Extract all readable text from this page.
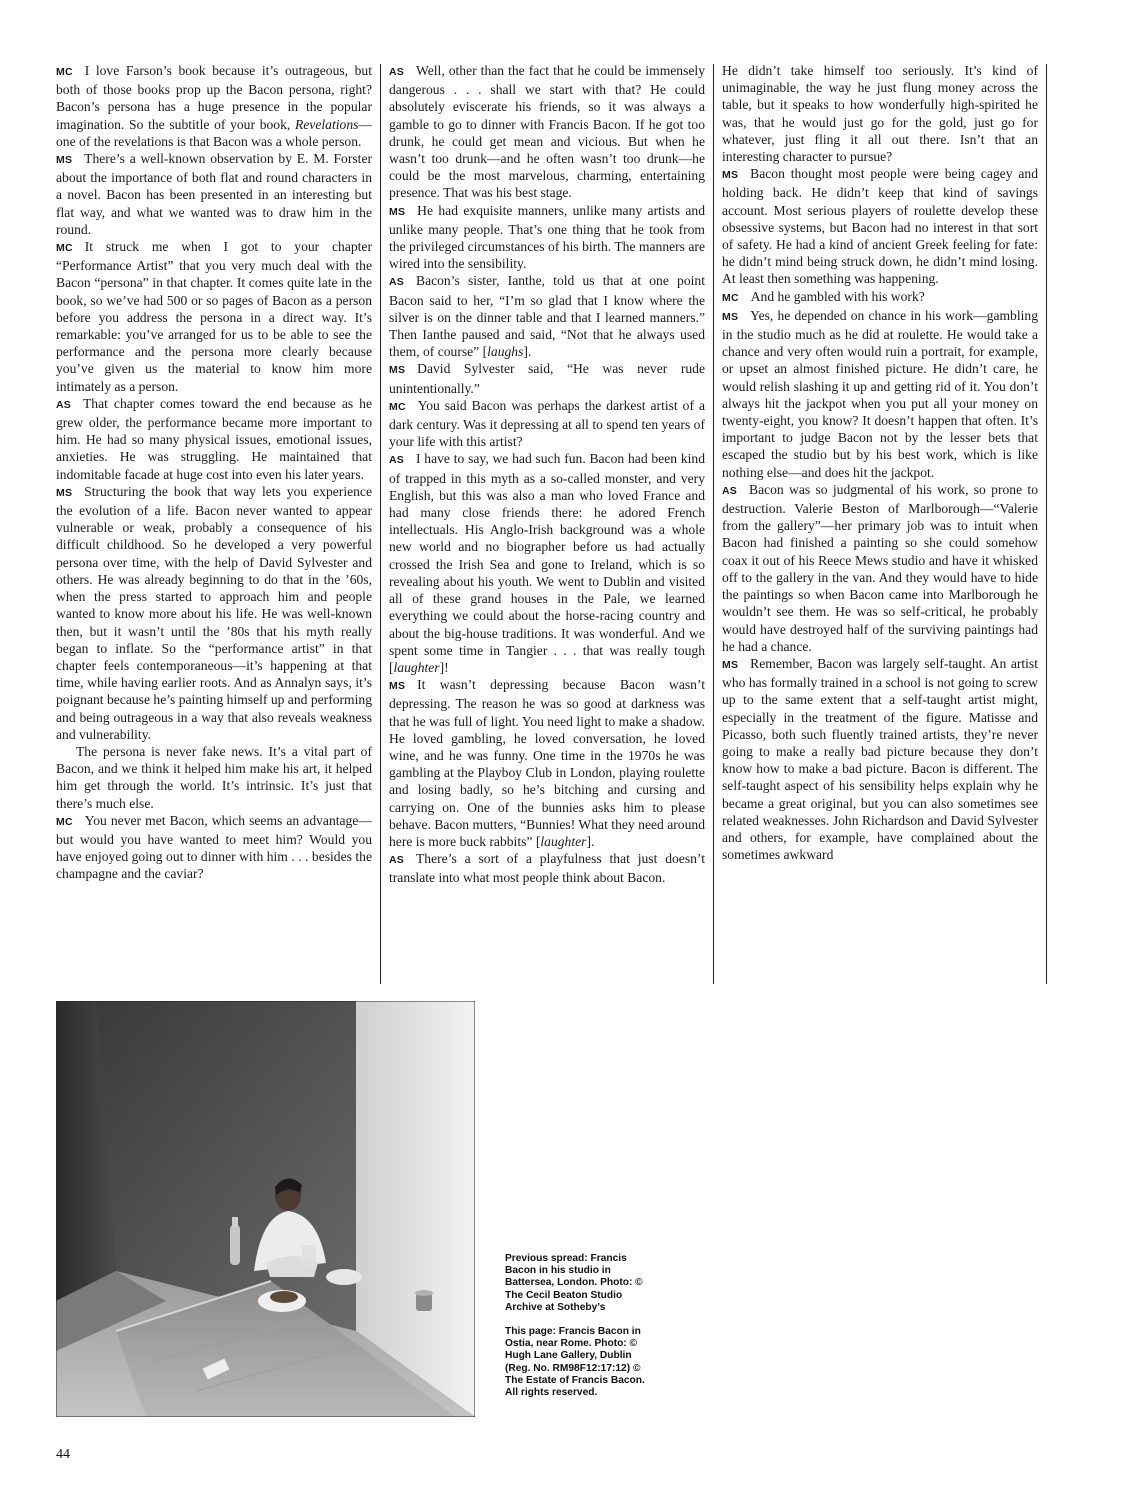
MC I love Farson’s book because it’s outrageous, but both of those books prop up the Bacon persona, right? Bacon’s persona has a huge presence in the popular imagination. So the subtitle of your book, Revelations—one of the revelations is that Bacon was a whole person.

MS There’s a well-known observation by E. M. Forster about the importance of both flat and round characters in a novel. Bacon has been presented in an interesting but flat way, and what we wanted was to draw him in the round.

MC It struck me when I got to your chapter “Performance Artist” that you very much deal with the Bacon “persona” in that chapter. It comes quite late in the book, so we’ve had 500 or so pages of Bacon as a person before you address the persona in a direct way. It’s remarkable: you’ve arranged for us to be able to see the performance and the persona more clearly because you’ve given us the material to know him more intimately as a person.

AS That chapter comes toward the end because as he grew older, the performance became more important to him. He had so many physical issues, emotional issues, anxieties. He was struggling. He maintained that indomitable facade at huge cost into even his later years.

MS Structuring the book that way lets you experience the evolution of a life. Bacon never wanted to appear vulnerable or weak, probably a consequence of his difficult childhood. So he developed a very powerful persona over time, with the help of David Sylvester and others. He was already beginning to do that in the ’60s, when the press started to approach him and people wanted to know more about his life. He was well-known then, but it wasn’t until the ’80s that his myth really began to inflate. So the “performance artist” in that chapter feels contemporaneous—it’s happening at that time, while having earlier roots. And as Annalyn says, it’s poignant because he’s painting himself up and performing and being outrageous in a way that also reveals weakness and vulnerability.

The persona is never fake news. It’s a vital part of Bacon, and we think it helped him make his art, it helped him get through the world. It’s intrinsic. It’s just that there’s much else.

MC You never met Bacon, which seems an advantage—but would you have wanted to meet him? Would you have enjoyed going out to dinner with him . . . besides the champagne and the caviar?

AS Well, other than the fact that he could be immensely dangerous . . . shall we start with that? He could absolutely eviscerate his friends, so it was always a gamble to go to dinner with Francis Bacon. If he got too drunk, he could get mean and vicious. But when he wasn’t too drunk—and he often wasn’t too drunk—he could be the most marvelous, charming, entertaining presence. That was his best stage.

MS He had exquisite manners, unlike many artists and unlike many people. That’s one thing that he took from the privileged circumstances of his birth. The manners are wired into the sensibility.

AS Bacon’s sister, Ianthe, told us that at one point Bacon said to her, “I’m so glad that I know where the silver is on the dinner table and that I learned manners.” Then Ianthe paused and said, “Not that he always used them, of course” [laughs].

MS David Sylvester said, “He was never rude unintentionally.”

MC You said Bacon was perhaps the darkest artist of a dark century. Was it depressing at all to spend ten years of your life with this artist?

AS I have to say, we had such fun. Bacon had been kind of trapped in this myth as a so-called monster, and very English, but this was also a man who loved France and had many close friends there: he adored French intellectuals. His Anglo-Irish background was a whole new world and no biographer before us had actually crossed the Irish Sea and gone to Ireland, which is so revealing about his youth. We went to Dublin and visited all of these grand houses in the Pale, we learned everything we could about the horse-racing country and about the big-house traditions. It was wonderful. And we spent some time in Tangier . . . that was really tough [laughter]!

MS It wasn’t depressing because Bacon wasn’t depressing. The reason he was so good at darkness was that he was full of light. You need light to make a shadow. He loved gambling, he loved conversation, he loved wine, and he was funny. One time in the 1970s he was gambling at the Playboy Club in London, playing roulette and losing badly, so he’s bitching and cursing and carrying on. One of the bunnies asks him to please behave. Bacon mutters, “Bunnies! What they need around here is more buck rabbits” [laughter].

AS There’s a sort of a playfulness that just doesn’t translate into what most people think about Bacon.

He didn’t take himself too seriously. It’s kind of unimaginable, the way he just flung money across the table, but it speaks to how wonderfully high-spirited he was, that he would just go for the gold, just go for whatever, just fling it all out there. Isn’t that an interesting character to pursue?

MS Bacon thought most people were being cagey and holding back. He didn’t keep that kind of savings account. Most serious players of roulette develop these obsessive systems, but Bacon had no interest in that sort of safety. He had a kind of ancient Greek feeling for fate: he didn’t mind being struck down, he didn’t mind losing. At least then something was happening.

MC And he gambled with his work?

MS Yes, he depended on chance in his work—gambling in the studio much as he did at roulette. He would take a chance and very often would ruin a portrait, for example, or upset an almost finished picture. He didn’t care, he would relish slashing it up and getting rid of it. You don’t always hit the jackpot when you put all your money on twenty-eight, you know? It doesn’t happen that often. It’s important to judge Bacon not by the lesser bets that escaped the studio but by his best work, which is like nothing else—and does hit the jackpot.

AS Bacon was so judgmental of his work, so prone to destruction. Valerie Beston of Marlborough—“Valerie from the gallery”—her primary job was to intuit when Bacon had finished a painting so she could somehow coax it out of his Reece Mews studio and have it whisked off to the gallery in the van. And they would have to hide the paintings so when Bacon came into Marlborough he wouldn’t see them. He was so self-critical, he probably would have destroyed half of the surviving paintings had he had a chance.

MS Remember, Bacon was largely self-taught. An artist who has formally trained in a school is not going to screw up to the same extent that a self-taught artist might, especially in the treatment of the figure. Matisse and Picasso, both such fluently trained artists, they’re never going to make a really bad picture because they don’t know how to make a bad picture. Bacon is different. The self-taught aspect of his sensibility helps explain why he became a great original, but you can also sometimes see related weaknesses. John Richardson and David Sylvester and others, for example, have complained about the sometimes awkward

Previous spread: Francis Bacon in his studio in Battersea, London. Photo: © The Cecil Beaton Studio Archive at Sotheby’s

This page: Francis Bacon in Ostia, near Rome. Photo: © Hugh Lane Gallery, Dublin (Reg. No. RM98F12:17:12) © The Estate of Francis Bacon. All rights reserved.

44
